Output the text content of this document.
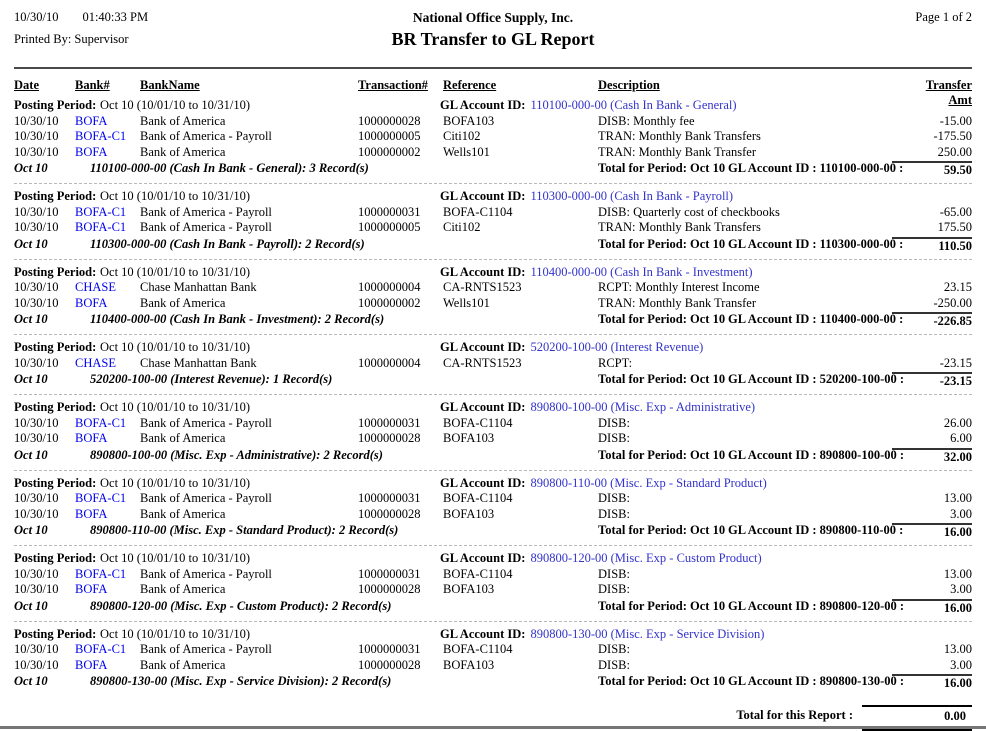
10/30/10 01:40:33 PM
Printed By: Supervisor
National Office Supply, Inc.
BR Transfer to GL Report
Page 1 of 2
Date	Bank#	BankName	Transaction#	Reference	Description	Transfer Amt
Posting Period: Oct 10 (10/01/10 to 10/31/10)	GL Account ID: 110100-000-00 (Cash In Bank - General)
10/30/10	BOFA	Bank of America	1000000028	BOFA103	DISB: Monthly fee	-15.00
10/30/10	BOFA-C1	Bank of America - Payroll	1000000005	Citi102	TRAN: Monthly Bank Transfers	-175.50
10/30/10	BOFA	Bank of America	1000000002	Wells101	TRAN: Monthly Bank Transfer	250.00
Oct 10	110100-000-00 (Cash In Bank - General): 3 Record(s)	Total for Period: Oct 10 GL Account ID : 110100-000-00 :	59.50
Posting Period: Oct 10 (10/01/10 to 10/31/10)	GL Account ID: 110300-000-00 (Cash In Bank - Payroll)
10/30/10	BOFA-C1	Bank of America - Payroll	1000000031	BOFA-C1104	DISB: Quarterly cost of checkbooks	-65.00
10/30/10	BOFA-C1	Bank of America - Payroll	1000000005	Citi102	TRAN: Monthly Bank Transfers	175.50
Oct 10	110300-000-00 (Cash In Bank - Payroll): 2 Record(s)	Total for Period: Oct 10 GL Account ID : 110300-000-00 :	110.50
Posting Period: Oct 10 (10/01/10 to 10/31/10)	GL Account ID: 110400-000-00 (Cash In Bank - Investment)
10/30/10	CHASE	Chase Manhattan Bank	1000000004	CA-RNTS1523	RCPT: Monthly Interest Income	23.15
10/30/10	BOFA	Bank of America	1000000002	Wells101	TRAN: Monthly Bank Transfer	-250.00
Oct 10	110400-000-00 (Cash In Bank - Investment): 2 Record(s)	Total for Period: Oct 10 GL Account ID : 110400-000-00 :	-226.85
Posting Period: Oct 10 (10/01/10 to 10/31/10)	GL Account ID: 520200-100-00 (Interest Revenue)
10/30/10	CHASE	Chase Manhattan Bank	1000000004	CA-RNTS1523	RCPT:	-23.15
Oct 10	520200-100-00 (Interest Revenue): 1 Record(s)	Total for Period: Oct 10 GL Account ID : 520200-100-00 :	-23.15
Posting Period: Oct 10 (10/01/10 to 10/31/10)	GL Account ID: 890800-100-00 (Misc. Exp - Administrative)
10/30/10	BOFA-C1	Bank of America - Payroll	1000000031	BOFA-C1104	DISB:	26.00
10/30/10	BOFA	Bank of America	1000000028	BOFA103	DISB:	6.00
Oct 10	890800-100-00 (Misc. Exp - Administrative): 2 Record(s)	Total for Period: Oct 10 GL Account ID : 890800-100-00 :	32.00
Posting Period: Oct 10 (10/01/10 to 10/31/10)	GL Account ID: 890800-110-00 (Misc. Exp - Standard Product)
10/30/10	BOFA-C1	Bank of America - Payroll	1000000031	BOFA-C1104	DISB:	13.00
10/30/10	BOFA	Bank of America	1000000028	BOFA103	DISB:	3.00
Oct 10	890800-110-00 (Misc. Exp - Standard Product): 2 Record(s)	Total for Period: Oct 10 GL Account ID : 890800-110-00 :	16.00
Posting Period: Oct 10 (10/01/10 to 10/31/10)	GL Account ID: 890800-120-00 (Misc. Exp - Custom Product)
10/30/10	BOFA-C1	Bank of America - Payroll	1000000031	BOFA-C1104	DISB:	13.00
10/30/10	BOFA	Bank of America	1000000028	BOFA103	DISB:	3.00
Oct 10	890800-120-00 (Misc. Exp - Custom Product): 2 Record(s)	Total for Period: Oct 10 GL Account ID : 890800-120-00 :	16.00
Posting Period: Oct 10 (10/01/10 to 10/31/10)	GL Account ID: 890800-130-00 (Misc. Exp - Service Division)
10/30/10	BOFA-C1	Bank of America - Payroll	1000000031	BOFA-C1104	DISB:	13.00
10/30/10	BOFA	Bank of America	1000000028	BOFA103	DISB:	3.00
Oct 10	890800-130-00 (Misc. Exp - Service Division): 2 Record(s)	Total for Period: Oct 10 GL Account ID : 890800-130-00 :	16.00
Total for this Report :	0.00
